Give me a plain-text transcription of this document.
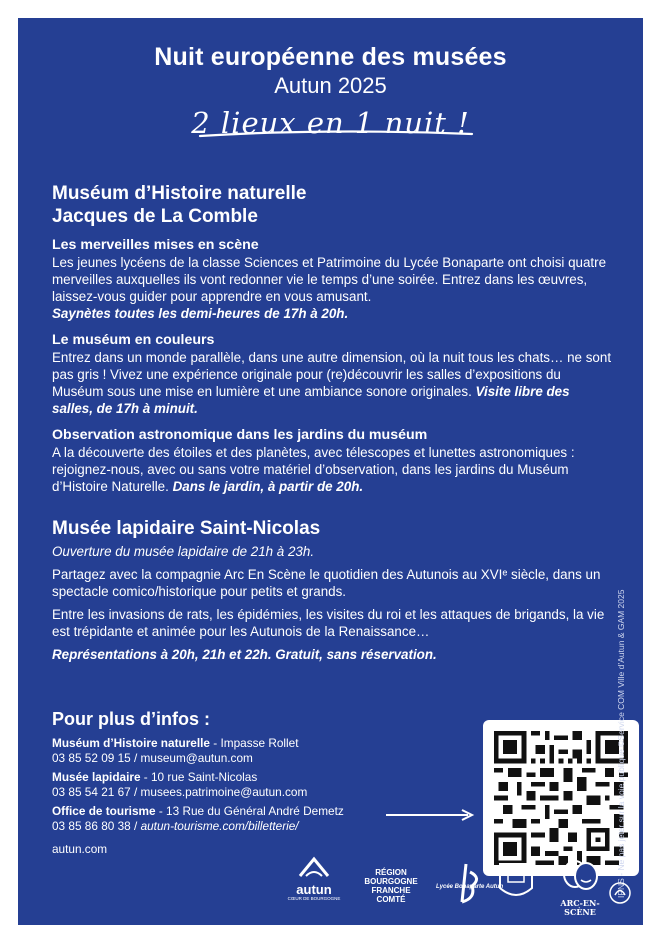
Nuit européenne des musées
Autun 2025
2 lieux en 1 nuit !
Muséum d’Histoire naturelle
Jacques de La Comble
Les merveilles mises en scène

Les jeunes lycéens de la classe Sciences et Patrimoine du Lycée Bonaparte ont choisi quatre merveilles auxquelles ils vont redonner vie le temps d’une soirée. Entrez dans les œuvres, laissez-vous guider pour apprendre en vous amusant.
Saynètes toutes les demi-heures de 17h à 20h.

Le muséum en couleurs

Entrez dans un monde parallèle, dans une autre dimension, où la nuit tous les chats… ne sont pas gris ! Vivez une expérience originale pour (re)découvrir les salles d’expositions du Muséum sous une mise en lumière et une ambiance sonore originales. Visite libre des salles, de 17h à minuit.

Observation astronomique dans les jardins du muséum

A la découverte des étoiles et des planètes, avec télescopes et lunettes astronomiques : rejoignez-nous, avec ou sans votre matériel d’observation, dans les jardins du Muséum d’Histoire Naturelle. Dans le jardin, à partir de 20h.

Musée lapidaire Saint-Nicolas

Ouverture du musée lapidaire de 21h à 23h.

Partagez avec la compagnie Arc En Scène le quotidien des Autunois au XVIᵉ siècle, dans un spectacle comico/historique pour petits et grands.

Entre les invasions de rats, les épidémies, les visites du roi et les attaques de brigands, la vie est trépidante et animée pour les Autunois de la Renaissance…

Représentations à 20h, 21h et 22h. Gratuit, sans réservation.

Pour plus d’infos :
Muséum d’Histoire naturelle - Impasse Rollet
03 85 52 09 15 / museum@autun.com
Musée lapidaire - 10 rue Saint-Nicolas
03 85 54 21 67 / musees.patrimoine@autun.com
Office de tourisme - 13 Rue du Général André Demetz
03 85 86 80 38 / autun-tourisme.com/billetterie/
autun.com	IPNS - Ne pas jeter sur la voie publique ©Service COM Ville d’Autun & GAM 2025
autun
CŒUR DE BOURGOGNE
RÉGION
BOURGOGNE
FRANCHE
COMTÉ
Lycée Bonaparte Autun
ARC-EN-SCÈNE
